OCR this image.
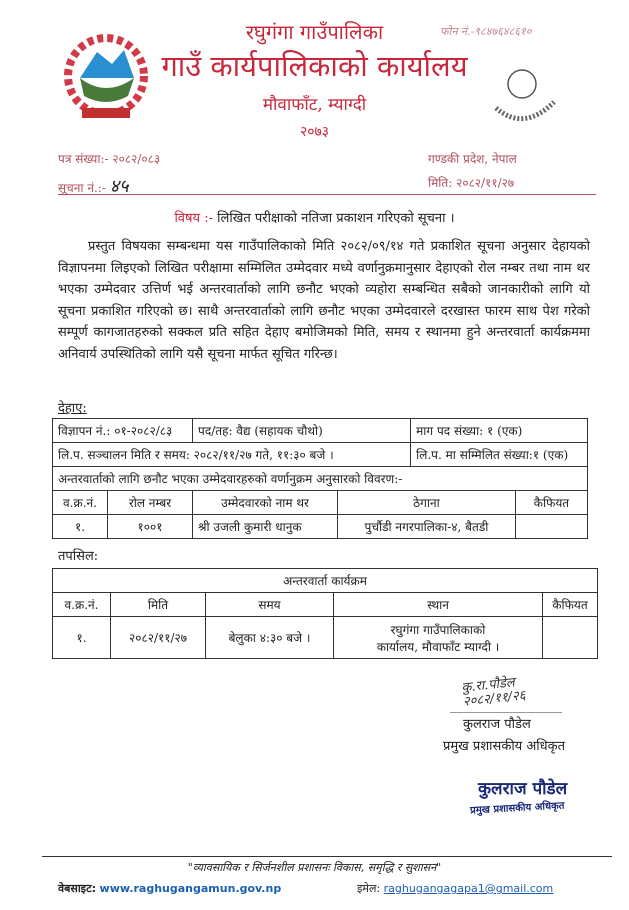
रघुगंगा गाउँपालिका
गाउँ कार्यपालिकाको कार्यालय
मौवाफाँट, म्याग्दी
२०७३
फोन नं.-९८४७६४८६१०
पत्र संख्या:- २०८२/०८३
सूचना नं.:- ४५
गण्डकी प्रदेश, नेपाल
मिति: २०८२/११/२७
विषय :- लिखित परीक्षाको नतिजा प्रकाशन गरिएको सूचना ।
प्रस्तुत विषयका सम्बन्धमा यस गाउँपालिकाको मिति २०८२/०९/१४ गते प्रकाशित सूचना अनुसार देहायको विज्ञापनमा लिइएको लिखित परीक्षामा सम्मिलित उम्मेदवार मध्ये वर्णानुक्रमानुसार देहाएको रोल नम्बर तथा नाम थर भएका उम्मेदवार उत्तिर्ण भई अन्तरवार्ताको लागि छनौट भएको व्यहोरा सम्बन्धित सबैको जानकारीको लागि यो सूचना प्रकाशित गरिएको छ। साथै अन्तरवार्ताको लागि छनौट भएका उम्मेदवारले दरखास्त फारम साथ पेश गरेको सम्पूर्ण कागजातहरुको सक्कल प्रति सहित देहाए बमोजिमको मिति, समय र स्थानमा हुने अन्तरवार्ता कार्यक्रममा अनिवार्य उपस्थितिको लागि यसै सूचना मार्फत सूचित गरिन्छ।
देहाए:
विज्ञापन नं.: ०१-२०८२/८३		पद/तह: वैद्य (सहायक चौथो)		माग पद संख्या: १ (एक)	
लि.प. सञ्चालन मिति र समय: २०८२/११/२७ गते, ११:३० बजे ।				लि.प. मा सम्मिलित संख्या:१ (एक)	
अन्तरवार्ताको लागि छनौट भएका उम्मेदवारहरुको वर्णानुक्रम अनुसारको विवरण:-					
व.क्र.नं.	रोल नम्बर	उम्मेदवारको नाम थर	ठेगाना		कैफियत
१.	१००१	श्री उजली कुमारी धानुक	पुर्चौडी नगरपालिका-४, बैतडी		
तपसिल:
अन्तरवार्ता कार्यक्रम				
व.क्र.नं.	मिति	समय	स्थान	कैफियत
१.	२०८२/११/२७	बेलुका ४:३० बजे ।	रघुगंगा गाउँपालिकाको कार्यालय, मौवाफाँट म्याग्दी ।	
कु.रा.पौडेल २०८२/११/२६
कुलराज पौडेल
प्रमुख प्रशासकीय अधिकृत
कुलराज पौडेल
प्रमुख प्रशासकीय अधिकृत
"व्यावसायिक र सिर्जनशील प्रशासनः विकास, समृद्धि र सुशासन"
वेबसाइट: www.raghugangamun.gov.np	इमेल: raghugangagapa1@gmail.com
